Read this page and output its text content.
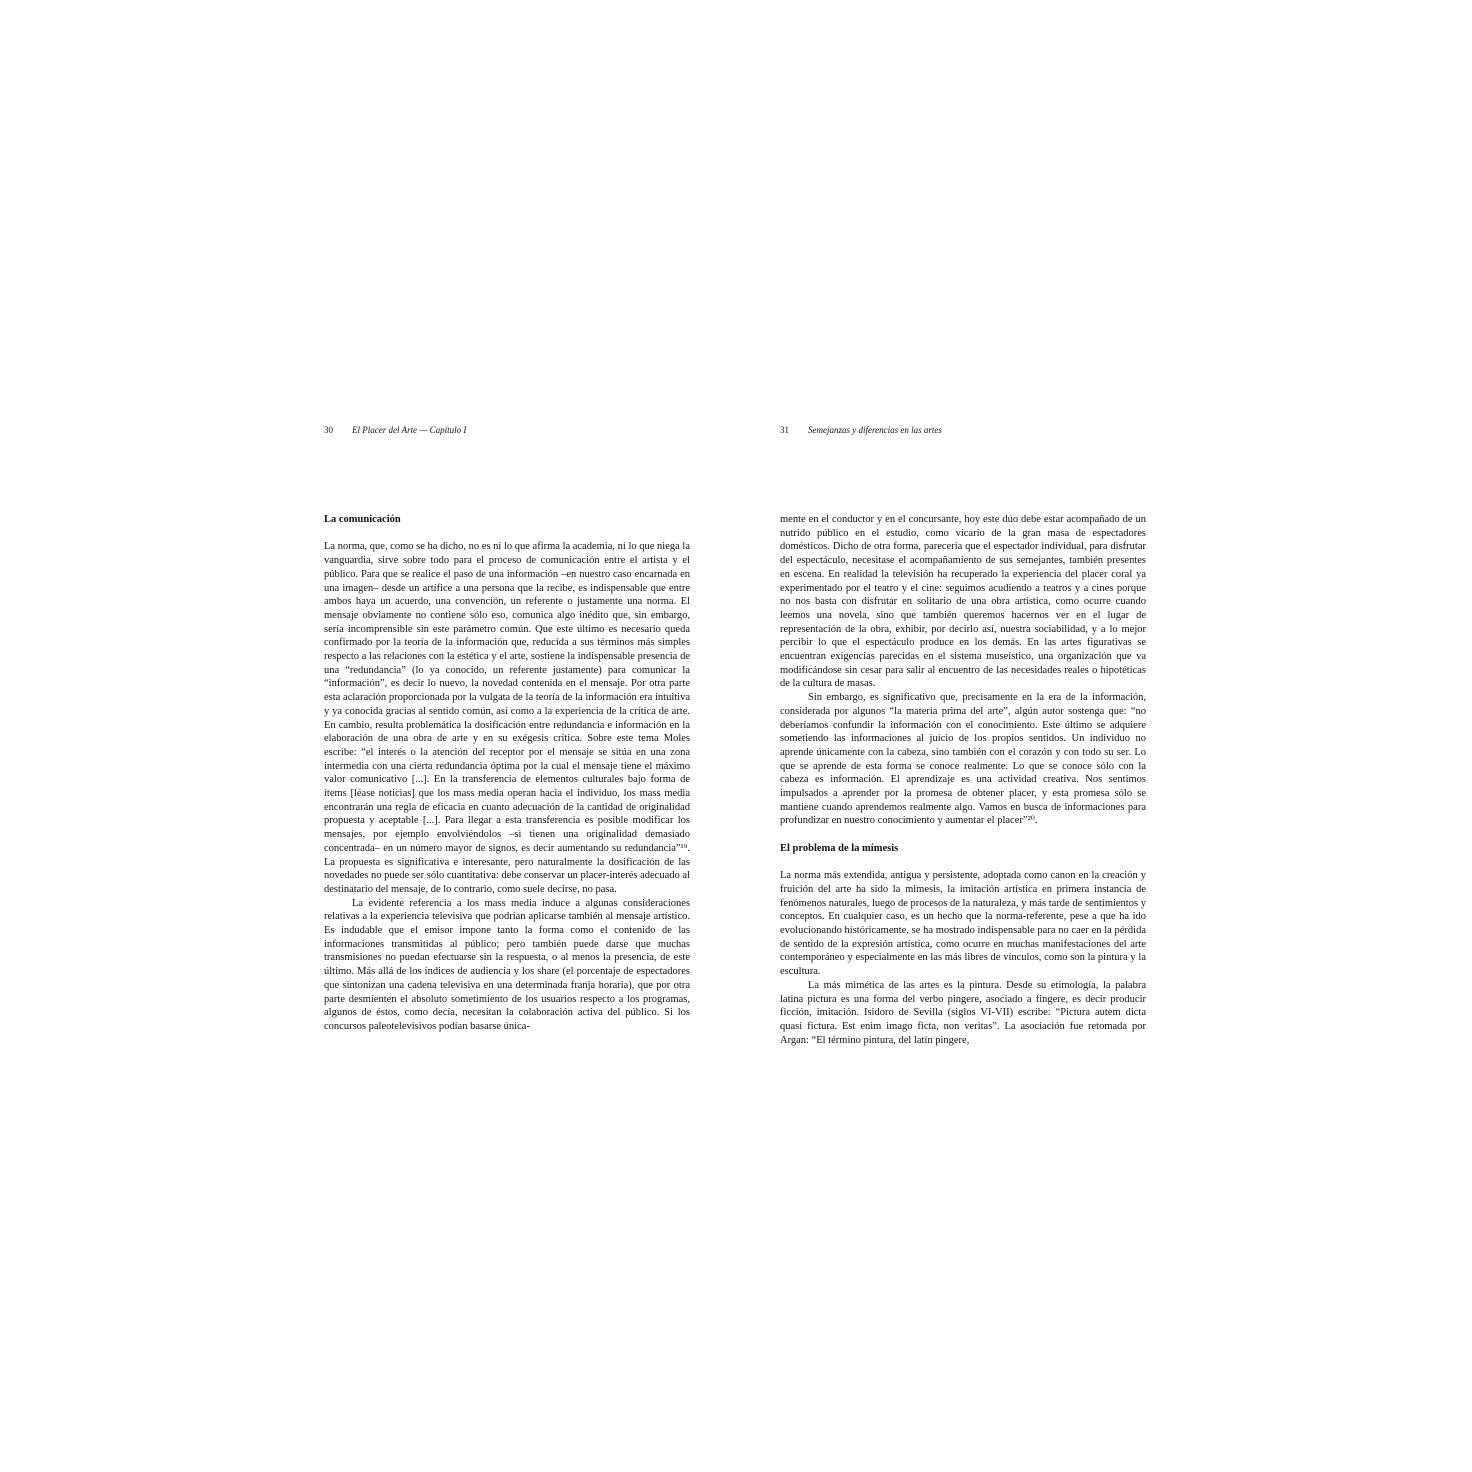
30 El Placer del Arte — Capítulo I
La comunicación

La norma, que, como se ha dicho, no es ni lo que afirma la academia, ni lo que niega la vanguardia, sirve sobre todo para el proceso de comunicación entre el artista y el público. Para que se realice el paso de una información –en nuestro caso encarnada en una imagen– desde un artífice a una persona que la recibe, es indispensable que entre ambos haya un acuerdo, una convención, un referente o justamente una norma. El mensaje obviamente no contiene sólo eso, comunica algo inédito que, sin embargo, sería incomprensible sin este parámetro común. Que este último es necesario queda confirmado por la teoría de la información que, reducida a sus términos más simples respecto a las relaciones con la estética y el arte, sostiene la indispensable presencia de una “redundancia” (lo ya conocido, un referente justamente) para comunicar la “información”, es decir lo nuevo, la novedad contenida en el mensaje. Por otra parte esta aclaración proporcionada por la vulgata de la teoría de la información era intuitiva y ya conocida gracias al sentido común, así como a la experiencia de la crítica de arte. En cambio, resulta problemática la dosificación entre redundancia e información en la elaboración de una obra de arte y en su exégesis crítica. Sobre este tema Moles escribe: “el interés o la atención del receptor por el mensaje se sitúa en una zona intermedia con una cierta redundancia óptima por la cual el mensaje tiene el máximo valor comunicativo [...]. En la transferencia de elementos culturales bajo forma de ítems [léase noticias] que los mass media operan hacia el individuo, los mass media encontrarán una regla de eficacia en cuanto adecuación de la cantidad de originalidad propuesta y aceptable [...]. Para llegar a esta transferencia es posible modificar los mensajes, por ejemplo envolviéndolos –si tienen una originalidad demasiado concentrada– en un número mayor de signos, es decir aumentando su redundancia”¹⁹. La propuesta es significativa e interesante, pero naturalmente la dosificación de las novedades no puede ser sólo cuantitativa: debe conservar un placer-interés adecuado al destinatario del mensaje, de lo contrario, como suele decirse, no pasa.

La evidente referencia a los mass media induce a algunas consideraciones relativas a la experiencia televisiva que podrían aplicarse también al mensaje artístico. Es indudable que el emisor impone tanto la forma como el contenido de las informaciones transmitidas al público; pero también puede darse que muchas transmisiones no puedan efectuarse sin la respuesta, o al menos la presencia, de este último. Más allá de los índices de audiencia y los share (el porcentaje de espectadores que sintonizan una cadena televisiva en una determinada franja horaria), que por otra parte desmienten el absoluto sometimiento de los usuarios respecto a los programas, algunos de éstos, como decía, necesitan la colaboración activa del público. Si los concursos paleotelevisivos podían basarse única-

31 Semejanzas y diferencias en las artes

mente en el conductor y en el concursante, hoy este dúo debe estar acompañado de un nutrido público en el estudio, como vicario de la gran masa de espectadores domésticos. Dicho de otra forma, parecería que el espectador individual, para disfrutar del espectáculo, necesitase el acompañamiento de sus semejantes, también presentes en escena. En realidad la televisión ha recuperado la experiencia del placer coral ya experimentado por el teatro y el cine: seguimos acudiendo a teatros y a cines porque no nos basta con disfrutar en solitario de una obra artística, como ocurre cuando leemos una novela, sino que también queremos hacernos ver en el lugar de representación de la obra, exhibir, por decirlo así, nuestra sociabilidad, y a lo mejor percibir lo que el espectáculo produce en los demás. En las artes figurativas se encuentran exigencias parecidas en el sistema museístico, una organización que va modificándose sin cesar para salir al encuentro de las necesidades reales o hipotéticas de la cultura de masas.

Sin embargo, es significativo que, precisamente en la era de la información, considerada por algunos “la materia prima del arte”, algún autor sostenga que: “no deberíamos confundir la información con el conocimiento. Este último se adquiere sometiendo las informaciones al juicio de los propios sentidos. Un individuo no aprende únicamente con la cabeza, sino también con el corazón y con todo su ser. Lo que se aprende de esta forma se conoce realmente. Lo que se conoce sólo con la cabeza es información. El aprendizaje es una actividad creativa. Nos sentimos impulsados a aprender por la promesa de obtener placer, y esta promesa sólo se mantiene cuando aprendemos realmente algo. Vamos en busca de informaciones para profundizar en nuestro conocimiento y aumentar el placer”²⁰.

El problema de la mímesis

La norma más extendida, antigua y persistente, adoptada como canon en la creación y fruición del arte ha sido la mimesis, la imitación artística en primera instancia de fenómenos naturales, luego de procesos de la naturaleza, y más tarde de sentimientos y conceptos. En cualquier caso, es un hecho que la norma-referente, pese a que ha ido evolucionando históricamente, se ha mostrado indispensable para no caer en la pérdida de sentido de la expresión artística, como ocurre en muchas manifestaciones del arte contemporáneo y especialmente en las más libres de vínculos, como son la pintura y la escultura.

La más mimética de las artes es la pintura. Desde su etimología, la palabra latina pictura es una forma del verbo pingere, asociado a fingere, es decir producir ficción, imitación. Isidoro de Sevilla (siglos VI-VII) escribe: “Pictura autem dicta quasi fictura. Est enim imago ficta, non veritas”. La asociación fue retomada por Argan: “El término pintura, del latín pingere,
